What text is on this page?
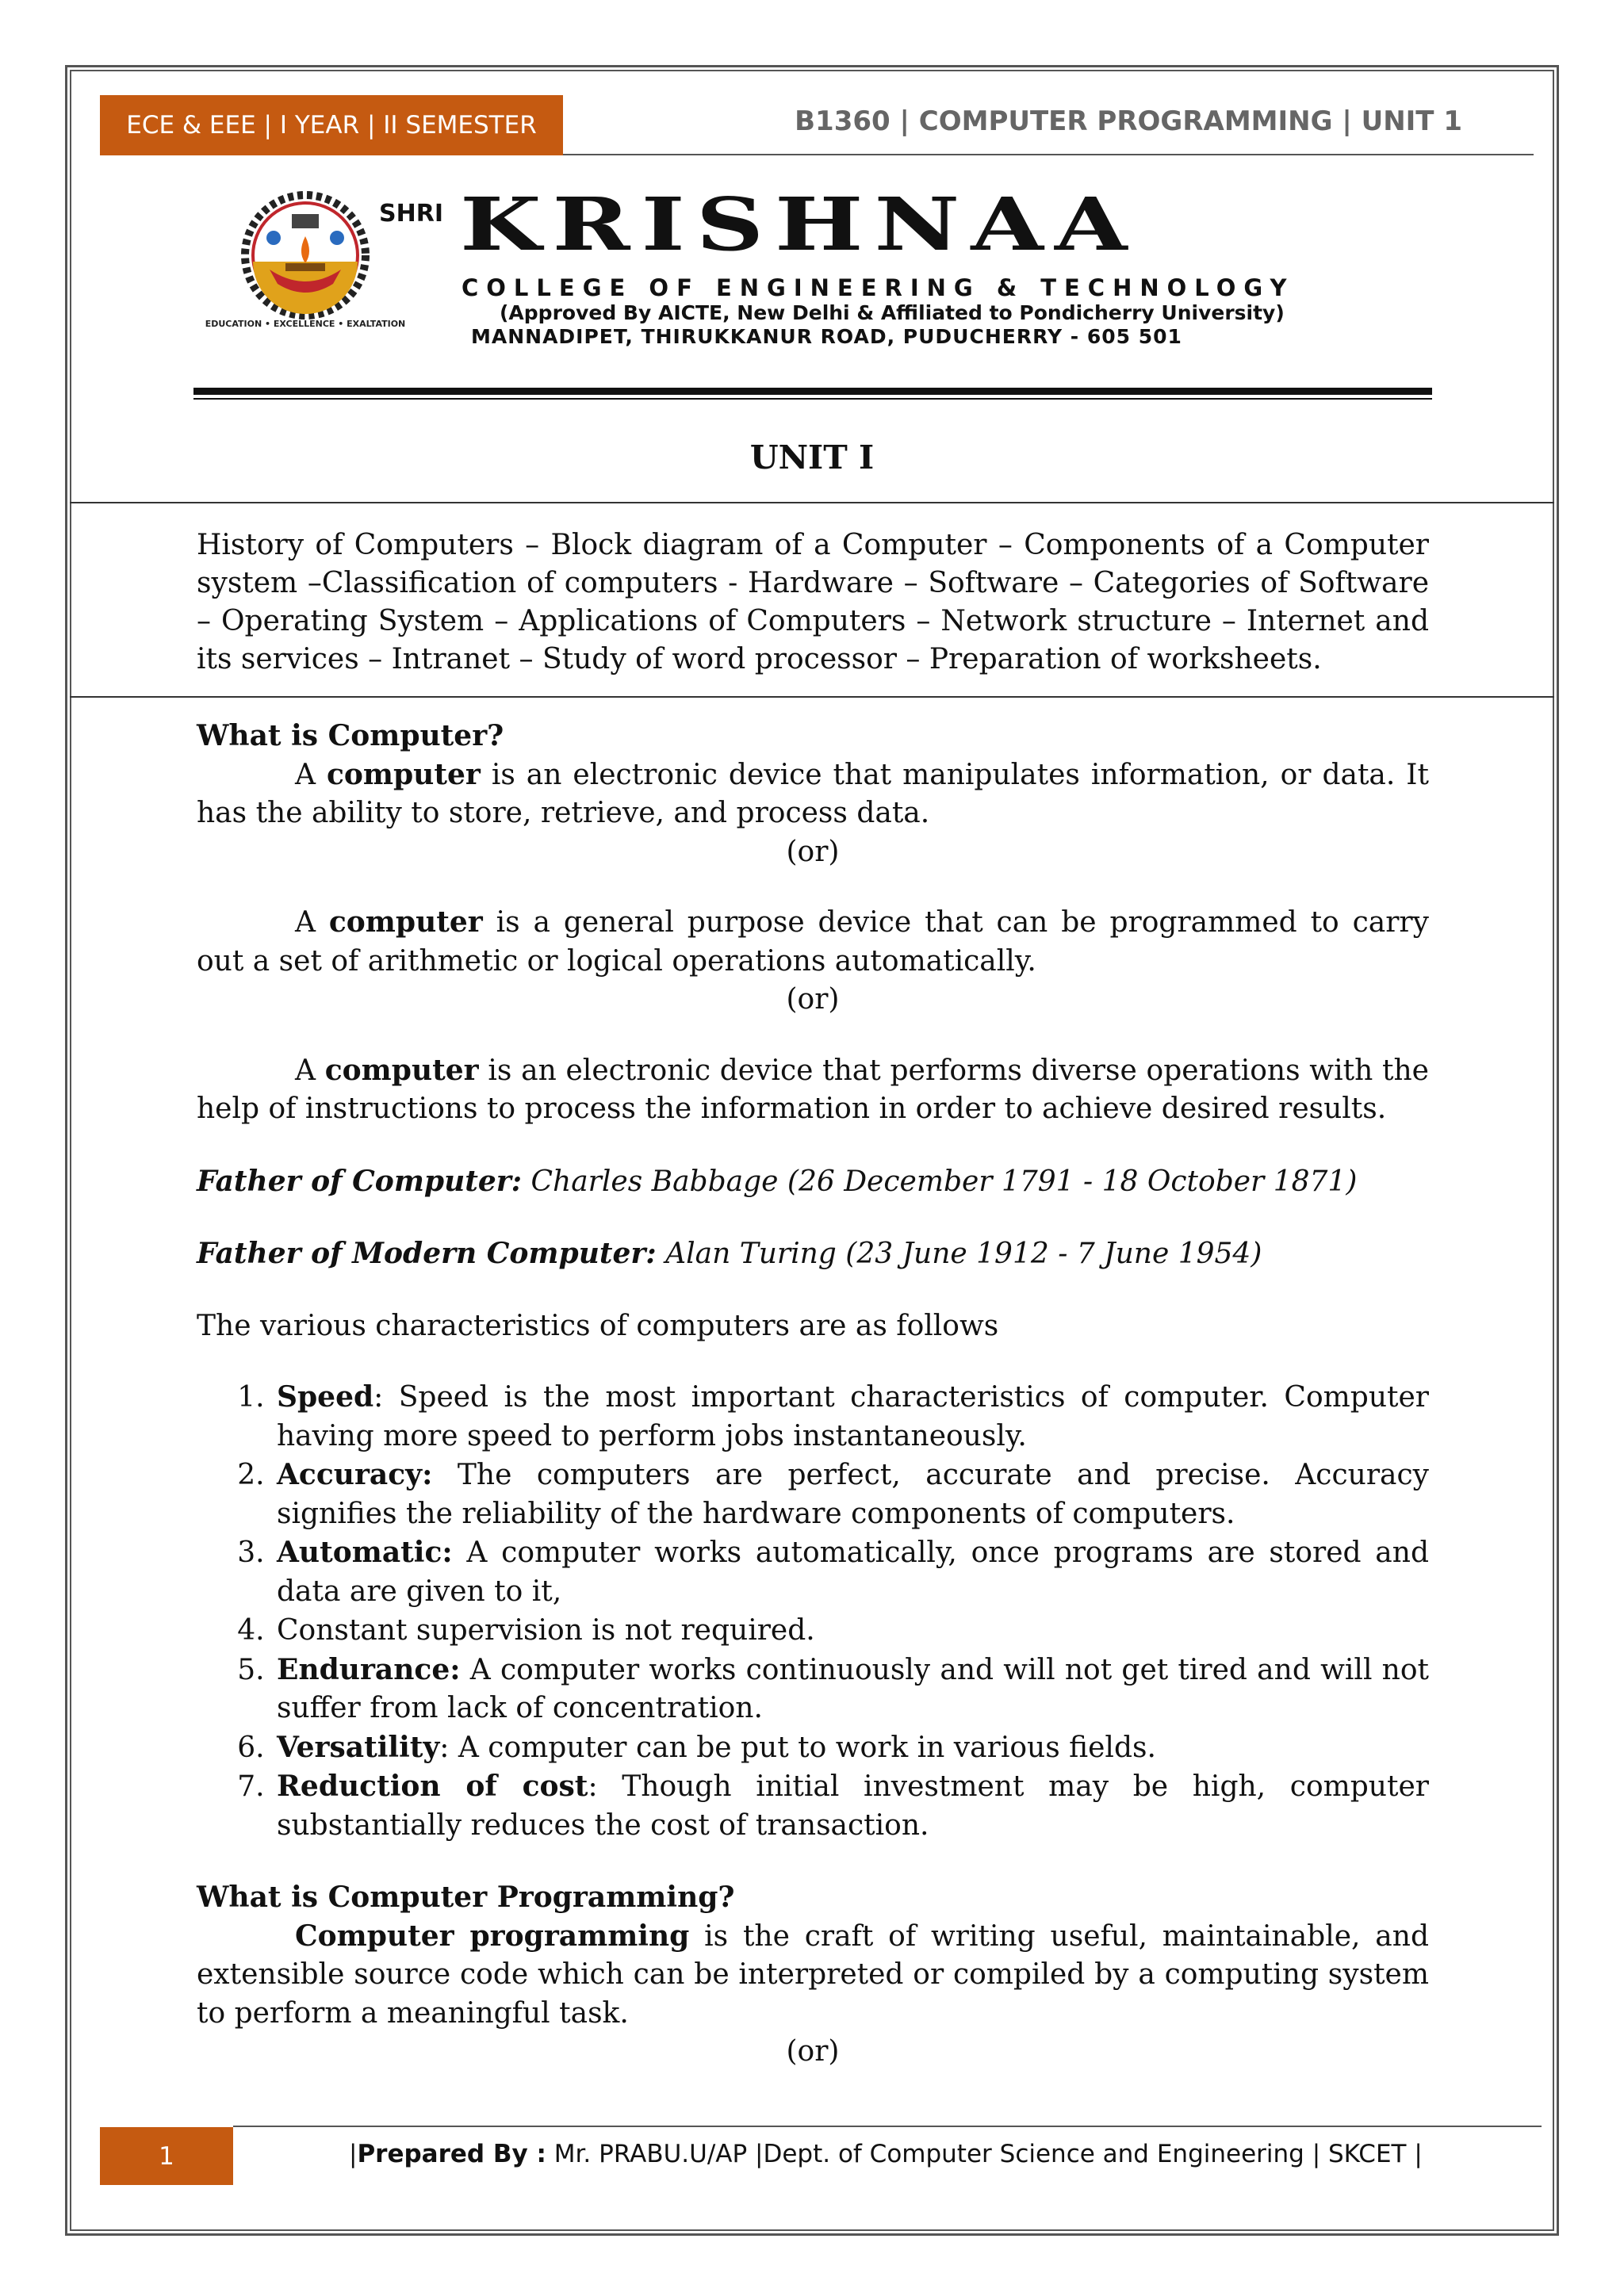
ECE & EEE | I YEAR | II SEMESTER	B1360 | COMPUTER PROGRAMMING | UNIT 1
EDUCATION • EXCELLENCE • EXALTATION
SHRI KRISHNAA
COLLEGE OF ENGINEERING & TECHNOLOGY
(Approved By AICTE, New Delhi & Affiliated to Pondicherry University)
MANNADIPET, THIRUKKANUR ROAD, PUDUCHERRY - 605 501
UNIT I
History of Computers – Block diagram of a Computer – Components of a Computer system –Classification of computers - Hardware – Software – Categories of Software – Operating System – Applications of Computers – Network structure – Internet and its services – Intranet – Study of word processor – Preparation of worksheets.

What is Computer?

A computer is an electronic device that manipulates information, or data. It has the ability to store, retrieve, and process data.

(or)

A computer is a general purpose device that can be programmed to carry out a set of arithmetic or logical operations automatically.

(or)

A computer is an electronic device that performs diverse operations with the help of instructions to process the information in order to achieve desired results.

Father of Computer: Charles Babbage (26 December 1791 - 18 October 1871)

Father of Modern Computer: Alan Turing (23 June 1912 - 7 June 1954)

The various characteristics of computers are as follows

1. Speed: Speed is the most important characteristics of computer. Computer having more speed to perform jobs instantaneously.
2. Accuracy: The computers are perfect, accurate and precise. Accuracy signifies the reliability of the hardware components of computers.
3. Automatic: A computer works automatically, once programs are stored and data are given to it,
4. Constant supervision is not required.
5. Endurance: A computer works continuously and will not get tired and will not suffer from lack of concentration.
6. Versatility: A computer can be put to work in various fields.
7. Reduction of cost: Though initial investment may be high, computer substantially reduces the cost of transaction.

What is Computer Programming?

Computer programming is the craft of writing useful, maintainable, and extensible source code which can be interpreted or compiled by a computing system to perform a meaningful task.

(or)

1	|Prepared By : Mr. PRABU.U/AP |Dept. of Computer Science and Engineering | SKCET |
